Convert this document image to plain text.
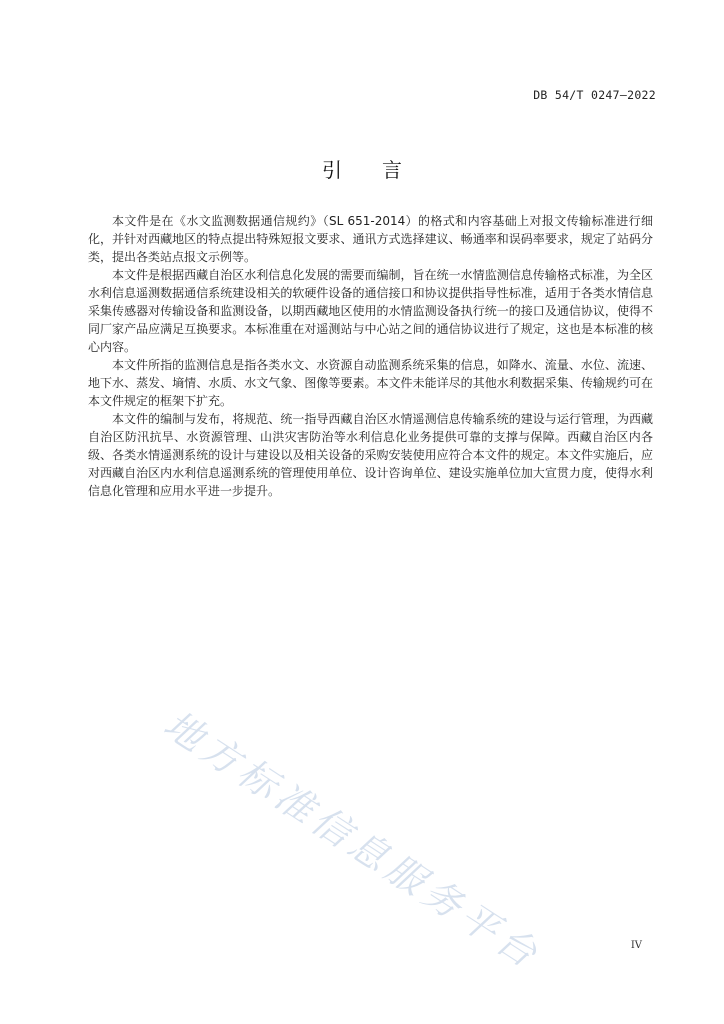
DB 54/T 0247—2022
引言

本文件是在《水文监测数据通信规约》（SL 651-2014）的格式和内容基础上对报文传输标准进行细化，并针对西藏地区的特点提出特殊短报文要求、通讯方式选择建议、畅通率和误码率要求，规定了站码分类，提出各类站点报文示例等。

本文件是根据西藏自治区水利信息化发展的需要而编制，旨在统一水情监测信息传输格式标准，为全区水利信息遥测数据通信系统建设相关的软硬件设备的通信接口和协议提供指导性标准，适用于各类水情信息采集传感器对传输设备和监测设备，以期西藏地区使用的水情监测设备执行统一的接口及通信协议，使得不同厂家产品应满足互换要求。本标准重在对遥测站与中心站之间的通信协议进行了规定，这也是本标准的核心内容。

本文件所指的监测信息是指各类水文、水资源自动监测系统采集的信息，如降水、流量、水位、流速、地下水、蒸发、墒情、水质、水文气象、图像等要素。本文件未能详尽的其他水利数据采集、传输规约可在本文件规定的框架下扩充。

本文件的编制与发布，将规范、统一指导西藏自治区水情遥测信息传输系统的建设与运行管理，为西藏自治区防汛抗旱、水资源管理、山洪灾害防治等水利信息化业务提供可靠的支撑与保障。西藏自治区内各级、各类水情遥测系统的设计与建设以及相关设备的采购安装使用应符合本文件的规定。本文件实施后，应对西藏自治区内水利信息遥测系统的管理使用单位、设计咨询单位、建设实施单位加大宣贯力度，使得水利信息化管理和应用水平进一步提升。

地方标准信息服务平台	IV
